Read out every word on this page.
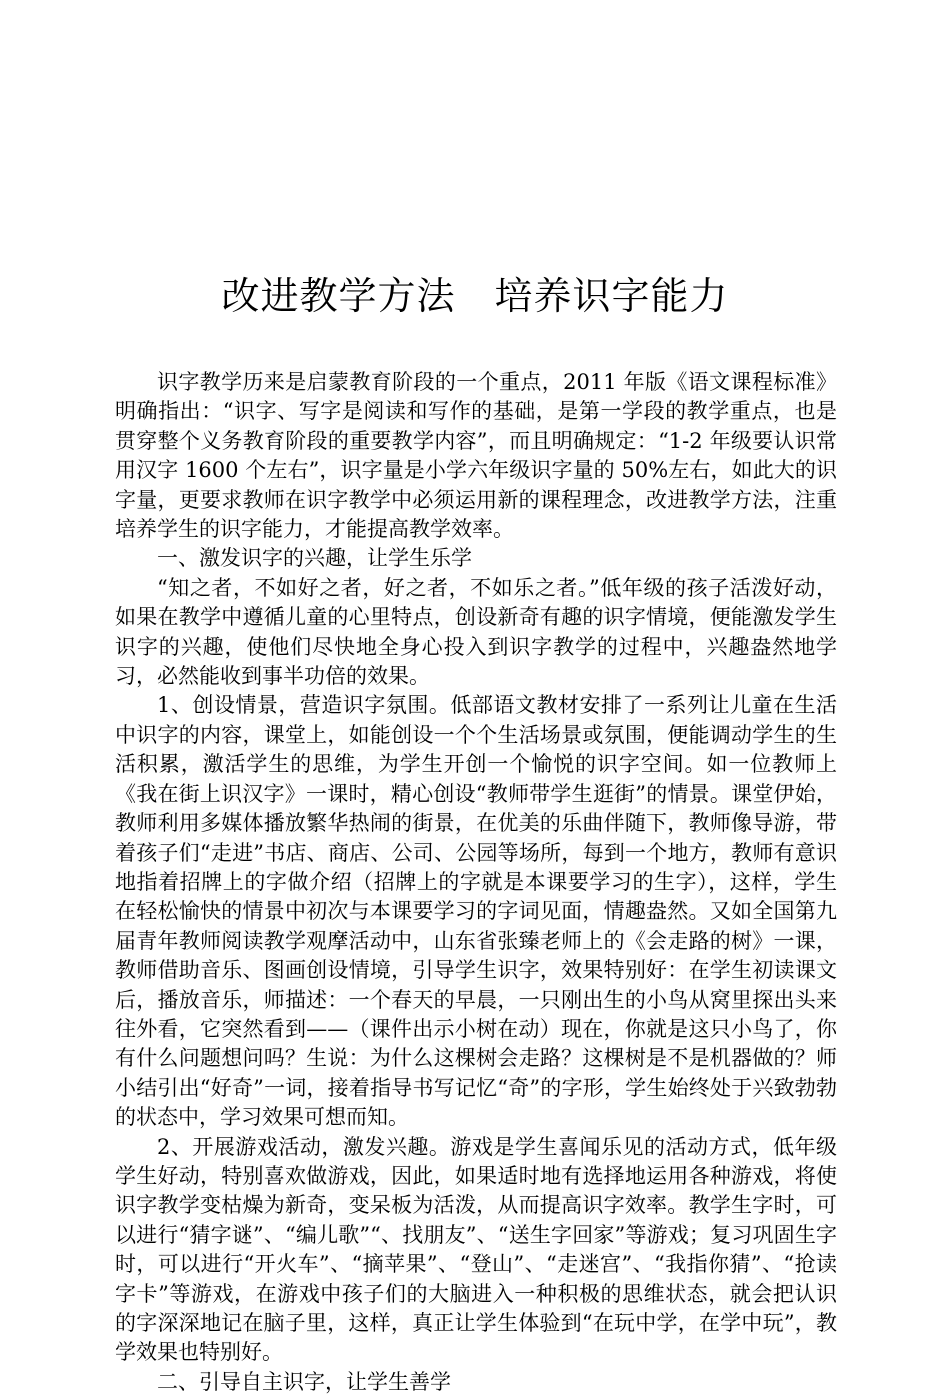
改进教学方法　培养识字能力

识字教学历来是启蒙教育阶段的一个重点，2011 年版《语文课程标准》明确指出：“识字、写字是阅读和写作的基础，是第一学段的教学重点，也是贯穿整个义务教育阶段的重要教学内容”，而且明确规定：“1-2 年级要认识常用汉字 1600 个左右”，识字量是小学六年级识字量的 50%左右，如此大的识字量，更要求教师在识字教学中必须运用新的课程理念，改进教学方法，注重培养学生的识字能力，才能提高教学效率。

一、激发识字的兴趣，让学生乐学

“知之者，不如好之者，好之者，不如乐之者。”低年级的孩子活泼好动，如果在教学中遵循儿童的心里特点，创设新奇有趣的识字情境，便能激发学生识字的兴趣，使他们尽快地全身心投入到识字教学的过程中，兴趣盎然地学习，必然能收到事半功倍的效果。

1、创设情景，营造识字氛围。低部语文教材安排了一系列让儿童在生活中识字的内容，课堂上，如能创设一个个生活场景或氛围，便能调动学生的生活积累，激活学生的思维，为学生开创一个愉悦的识字空间。如一位教师上《我在街上识汉字》一课时，精心创设“教师带学生逛街”的情景。课堂伊始，教师利用多媒体播放繁华热闹的街景，在优美的乐曲伴随下，教师像导游，带着孩子们“走进”书店、商店、公司、公园等场所，每到一个地方，教师有意识地指着招牌上的字做介绍（招牌上的字就是本课要学习的生字），这样，学生在轻松愉快的情景中初次与本课要学习的字词见面，情趣盎然。又如全国第九届青年教师阅读教学观摩活动中，山东省张臻老师上的《会走路的树》一课，教师借助音乐、图画创设情境，引导学生识字，效果特别好：在学生初读课文后，播放音乐，师描述：一个春天的早晨，一只刚出生的小鸟从窝里探出头来往外看，它突然看到——（课件出示小树在动）现在，你就是这只小鸟了，你有什么问题想问吗？生说：为什么这棵树会走路？这棵树是不是机器做的？师小结引出“好奇”一词，接着指导书写记忆“奇”的字形，学生始终处于兴致勃勃的状态中，学习效果可想而知。

2、开展游戏活动，激发兴趣。游戏是学生喜闻乐见的活动方式，低年级学生好动，特别喜欢做游戏，因此，如果适时地有选择地运用各种游戏，将使识字教学变枯燥为新奇，变呆板为活泼，从而提高识字效率。教学生字时，可以进行“猜字谜”、“编儿歌”“、找朋友”、“送生字回家”等游戏；复习巩固生字时，可以进行“开火车”、“摘苹果”、“登山”、“走迷宫”、“我指你猜”、“抢读字卡”等游戏，在游戏中孩子们的大脑进入一种积极的思维状态，就会把认识的字深深地记在脑子里，这样，真正让学生体验到“在玩中学，在学中玩”，教学效果也特别好。

二、引导自主识字，让学生善学
